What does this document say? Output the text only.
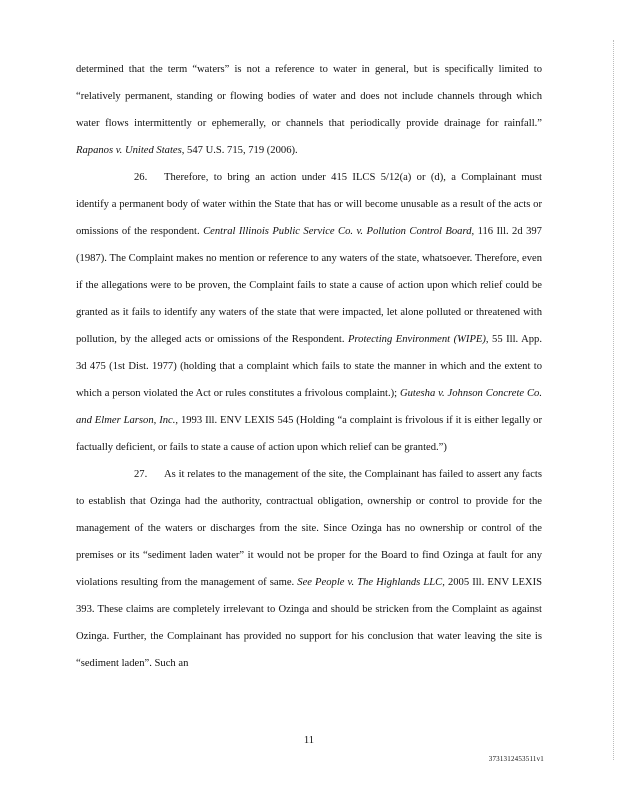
determined that the term “waters” is not a reference to water in general, but is specifically limited to “relatively permanent, standing or flowing bodies of water and does not include channels through which water flows intermittently or ephemerally, or channels that periodically provide drainage for rainfall.” Rapanos v. United States, 547 U.S. 715, 719 (2006).

26. Therefore, to bring an action under 415 ILCS 5/12(a) or (d), a Complainant must identify a permanent body of water within the State that has or will become unusable as a result of the acts or omissions of the respondent. Central Illinois Public Service Co. v. Pollution Control Board, 116 Ill. 2d 397 (1987). The Complaint makes no mention or reference to any waters of the state, whatsoever. Therefore, even if the allegations were to be proven, the Complaint fails to state a cause of action upon which relief could be granted as it fails to identify any waters of the state that were impacted, let alone polluted or threatened with pollution, by the alleged acts or omissions of the Respondent. Protecting Environment (WIPE), 55 Ill. App. 3d 475 (1st Dist. 1977) (holding that a complaint which fails to state the manner in which and the extent to which a person violated the Act or rules constitutes a frivolous complaint.); Gutesha v. Johnson Concrete Co. and Elmer Larson, Inc., 1993 Ill. ENV LEXIS 545 (Holding “a complaint is frivolous if it is either legally or factually deficient, or fails to state a cause of action upon which relief can be granted.”)

27. As it relates to the management of the site, the Complainant has failed to assert any facts to establish that Ozinga had the authority, contractual obligation, ownership or control to provide for the management of the waters or discharges from the site. Since Ozinga has no ownership or control of the premises or its “sediment laden water” it would not be proper for the Board to find Ozinga at fault for any violations resulting from the management of same. See People v. The Highlands LLC, 2005 Ill. ENV LEXIS 393. These claims are completely irrelevant to Ozinga and should be stricken from the Complaint as against Ozinga. Further, the Complainant has provided no support for his conclusion that water leaving the site is “sediment laden”. Such an

11
3731312453511v1
